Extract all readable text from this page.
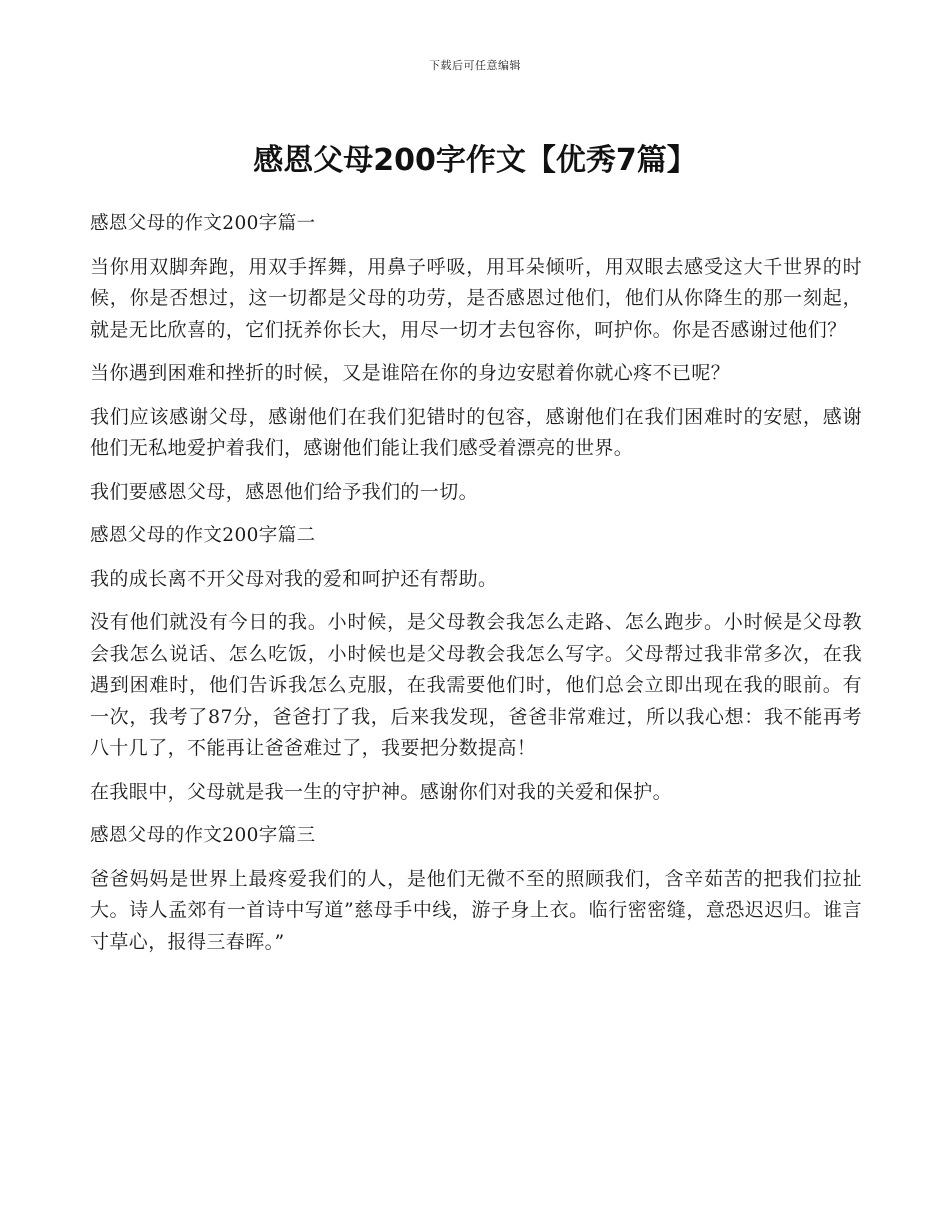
下载后可任意编辑
感恩父母200字作文【优秀7篇】

感恩父母的作文200字篇一

当你用双脚奔跑，用双手挥舞，用鼻子呼吸，用耳朵倾听，用双眼去感受这大千世界的时候，你是否想过，这一切都是父母的功劳，是否感恩过他们，他们从你降生的那一刻起，就是无比欣喜的，它们抚养你长大，用尽一切才去包容你，呵护你。你是否感谢过他们？

当你遇到困难和挫折的时候，又是谁陪在你的身边安慰着你就心疼不已呢？

我们应该感谢父母，感谢他们在我们犯错时的包容，感谢他们在我们困难时的安慰，感谢他们无私地爱护着我们，感谢他们能让我们感受着漂亮的世界。

我们要感恩父母，感恩他们给予我们的一切。

感恩父母的作文200字篇二

我的成长离不开父母对我的爱和呵护还有帮助。

没有他们就没有今日的我。小时候，是父母教会我怎么走路、怎么跑步。小时候是父母教会我怎么说话、怎么吃饭，小时候也是父母教会我怎么写字。父母帮过我非常多次，在我遇到困难时，他们告诉我怎么克服，在我需要他们时，他们总会立即出现在我的眼前。有一次，我考了87分，爸爸打了我，后来我发现，爸爸非常难过，所以我心想：我不能再考八十几了，不能再让爸爸难过了，我要把分数提高！

在我眼中，父母就是我一生的守护神。感谢你们对我的关爱和保护。

感恩父母的作文200字篇三

爸爸妈妈是世界上最疼爱我们的人，是他们无微不至的照顾我们，含辛茹苦的把我们拉扯大。诗人孟郊有一首诗中写道”慈母手中线，游子身上衣。临行密密缝，意恐迟迟归。谁言寸草心，报得三春晖。”
